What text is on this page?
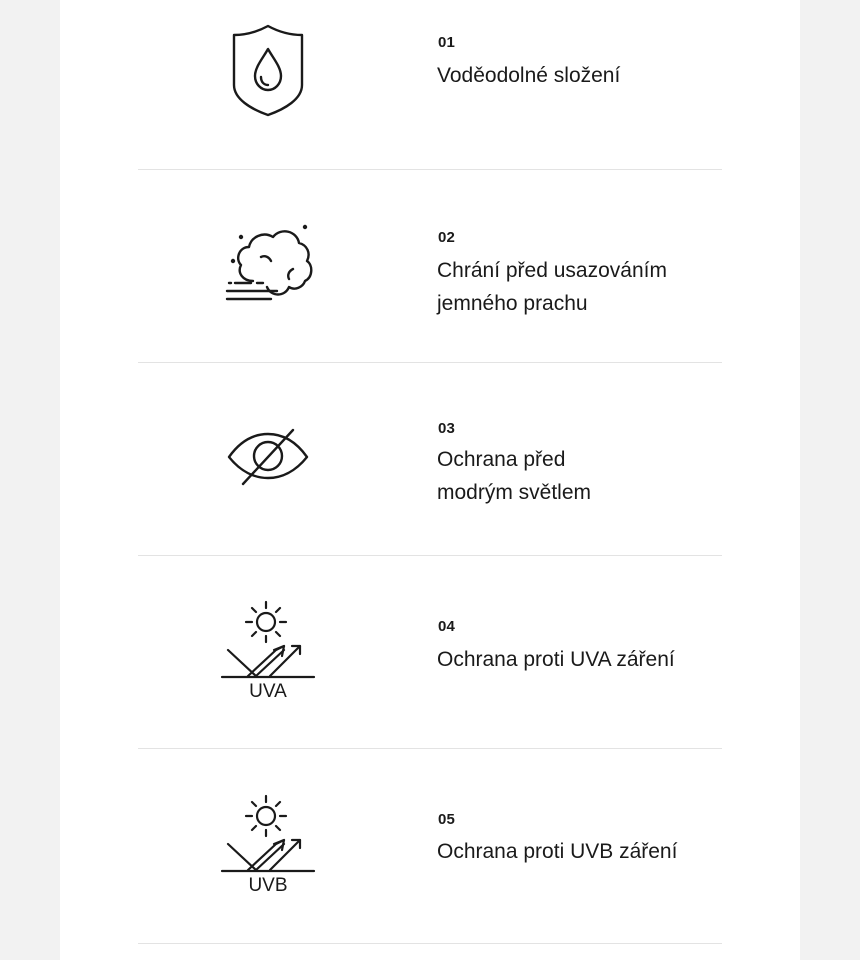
01
Voděodolné složení
02
Chrání před usazováním jemného prachu
03
Ochrana před modrým světlem
UVA
04
Ochrana proti UVA záření
UVB
05
Ochrana proti UVB záření
